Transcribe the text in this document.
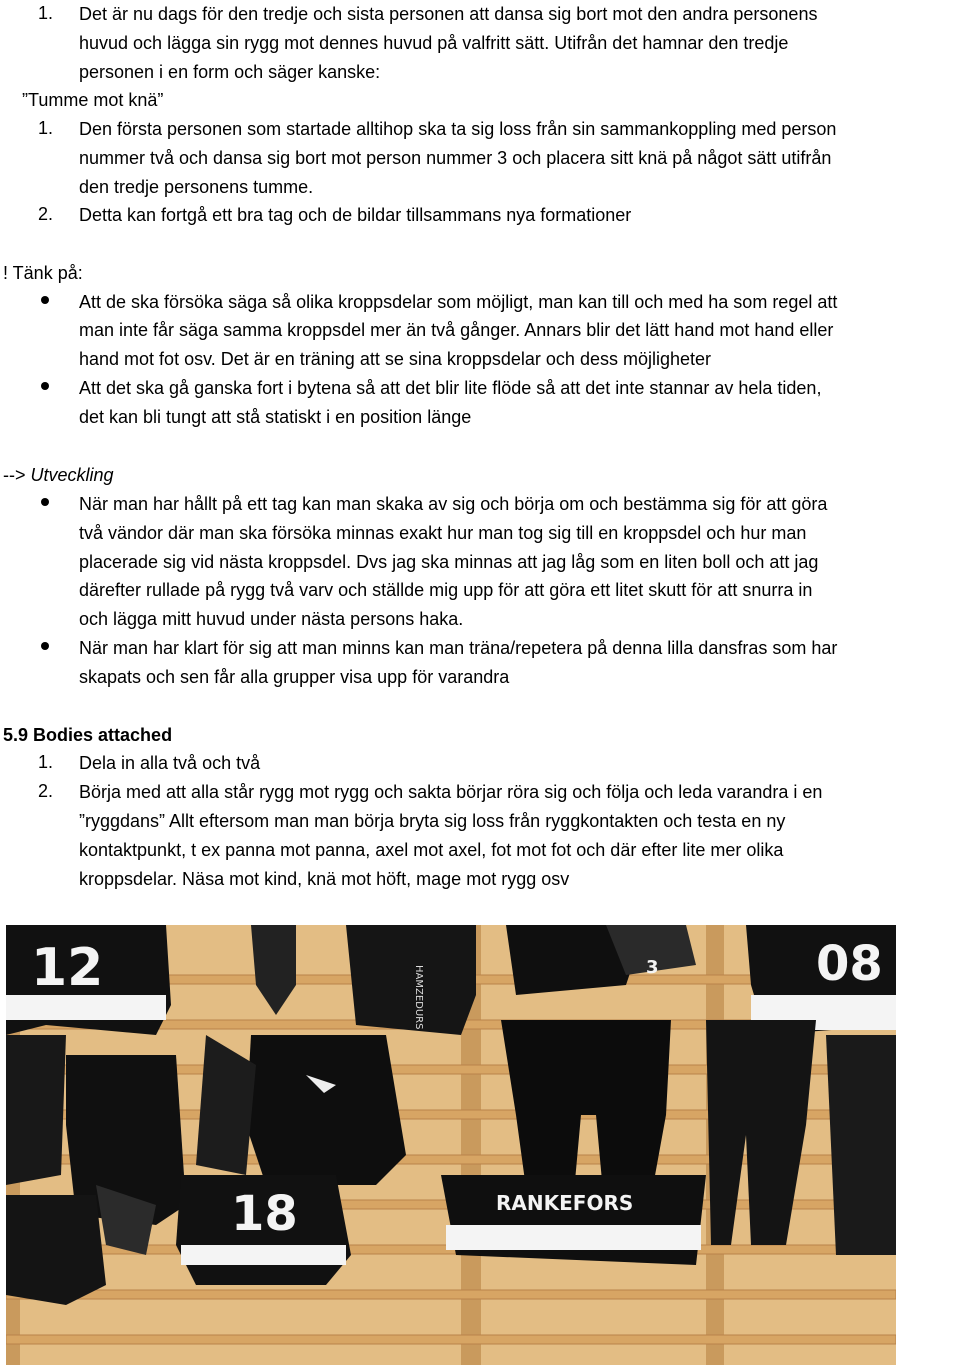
1. Det är nu dags för den tredje och sista personen att dansa sig bort mot den andra personens
huvud och lägga sin rygg mot dennes huvud på valfritt sätt. Utifrån det hamnar den tredje
personen i en form och säger kanske:
”Tumme mot knä”
1. Den första personen som startade alltihop ska ta sig loss från sin sammankoppling med person
nummer två och dansa sig bort mot person nummer 3 och placera sitt knä på något sätt utifrån
den tredje personens tumme.
2. Detta kan fortgå ett bra tag och de bildar tillsammans nya formationer
! Tänk på:
Att de ska försöka säga så olika kroppsdelar som möjligt, man kan till och med ha som regel att
man inte får säga samma kroppsdel mer än två gånger. Annars blir det lätt hand mot hand eller
hand mot fot osv. Det är en träning att se sina kroppsdelar och dess möjligheter
Att det ska gå ganska fort i bytena så att det blir lite flöde så att det inte stannar av hela tiden,
det kan bli tungt att stå statiskt i en position länge
--> Utveckling
När man har hållt på ett tag kan man skaka av sig och börja om och bestämma sig för att göra
två vändor där man ska försöka minnas exakt hur man tog sig till en kroppsdel och hur man
placerade sig vid nästa kroppsdel. Dvs jag ska minnas att jag låg som en liten boll och att jag
därefter rullade på rygg två varv och ställde mig upp för att göra ett litet skutt för att snurra in
och lägga mitt huvud under nästa persons haka.
När man har klart för sig att man minns kan man träna/repetera på denna lilla dansfras som har
skapats och sen får alla grupper visa upp för varandra
5.9 Bodies attached
1. Dela in alla två och två
2. Börja med att alla står rygg mot rygg och sakta börjar röra sig och följa och leda varandra i en
”ryggdans” Allt eftersom man man börja bryta sig loss från ryggkontakten och testa en ny
kontaktpunkt, t ex panna mot panna, axel mot axel, fot mot fot och där efter lite mer olika
kroppsdelar. Näsa mot kind, knä mot höft, mage mot rygg osv
12	HAMZEDURS	3	08
18	RANKEFORS
